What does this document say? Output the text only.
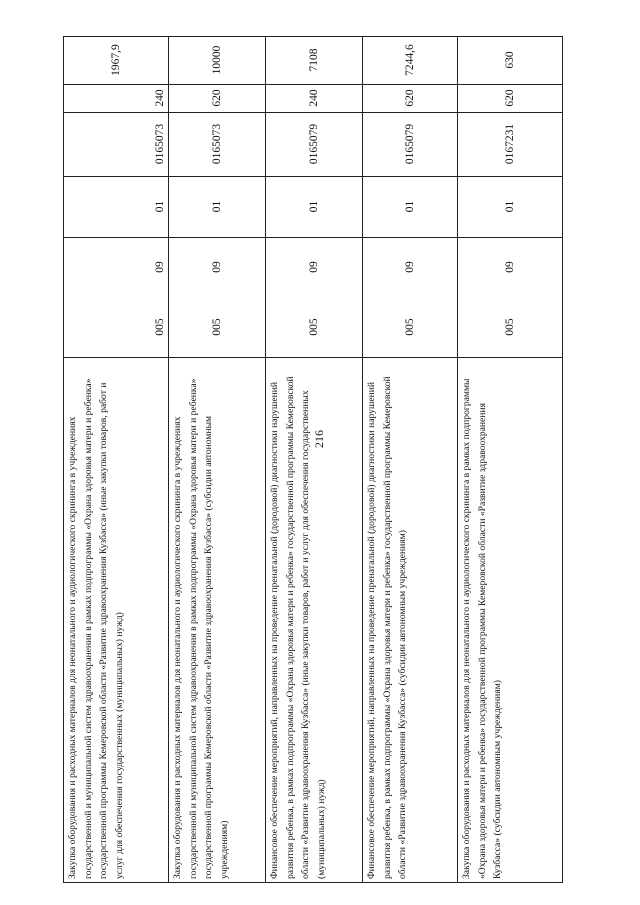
216
Закупка оборудования и расходных материалов для неонатального и аудиологического скрининга в учреждениях государственной и муниципальной систем здравоохранения в рамках подпрограммы «Охрана здоровья матери и ребенка» государственной программы Кемеровской области «Развитие здравоохранения Кузбасса» (иные закупки товаров, работ и услуг для обеспечения государственных (муниципальных) нужд)
005
09
01
0165073
240
1967,9
Закупка оборудования и расходных материалов для неонатального и аудиологического скрининга в учреждениях государственной и муниципальной систем здравоохранения в рамках подпрограммы «Охрана здоровья матери и ребенка» государственной программы Кемеровской области «Развитие здравоохранения Кузбасса» (субсидии автономным учреждениям)
005
09
01
0165073
620
10000
Финансовое обеспечение мероприятий, направленных на проведение пренатальной (дородовой) диагностики нарушений развития ребенка, в рамках подпрограммы «Охрана здоровья матери и ребенка» государственной программы Кемеровской области «Развитие здравоохранения Кузбасса» (иные закупки товаров, работ и услуг для обеспечения государственных (муниципальных) нужд)
005
09
01
0165079
240
7108
Финансовое обеспечение мероприятий, направленных на проведение пренатальной (дородовой) диагностики нарушений развития ребенка, в рамках подпрограммы «Охрана здоровья матери и ребенка» государственной программы Кемеровской области «Развитие здравоохранения Кузбасса» (субсидии автономным учреждениям)
005
09
01
0165079
620
7244,6
Закупка оборудования и расходных материалов для неонатального и аудиологического скрининга в рамках подпрограммы «Охрана здоровья матери и ребенка» государственной программы Кемеровской области «Развитие здравоохранения Кузбасса» (субсидии автономным учреждениям)
005
09
01
0167231
620
630
